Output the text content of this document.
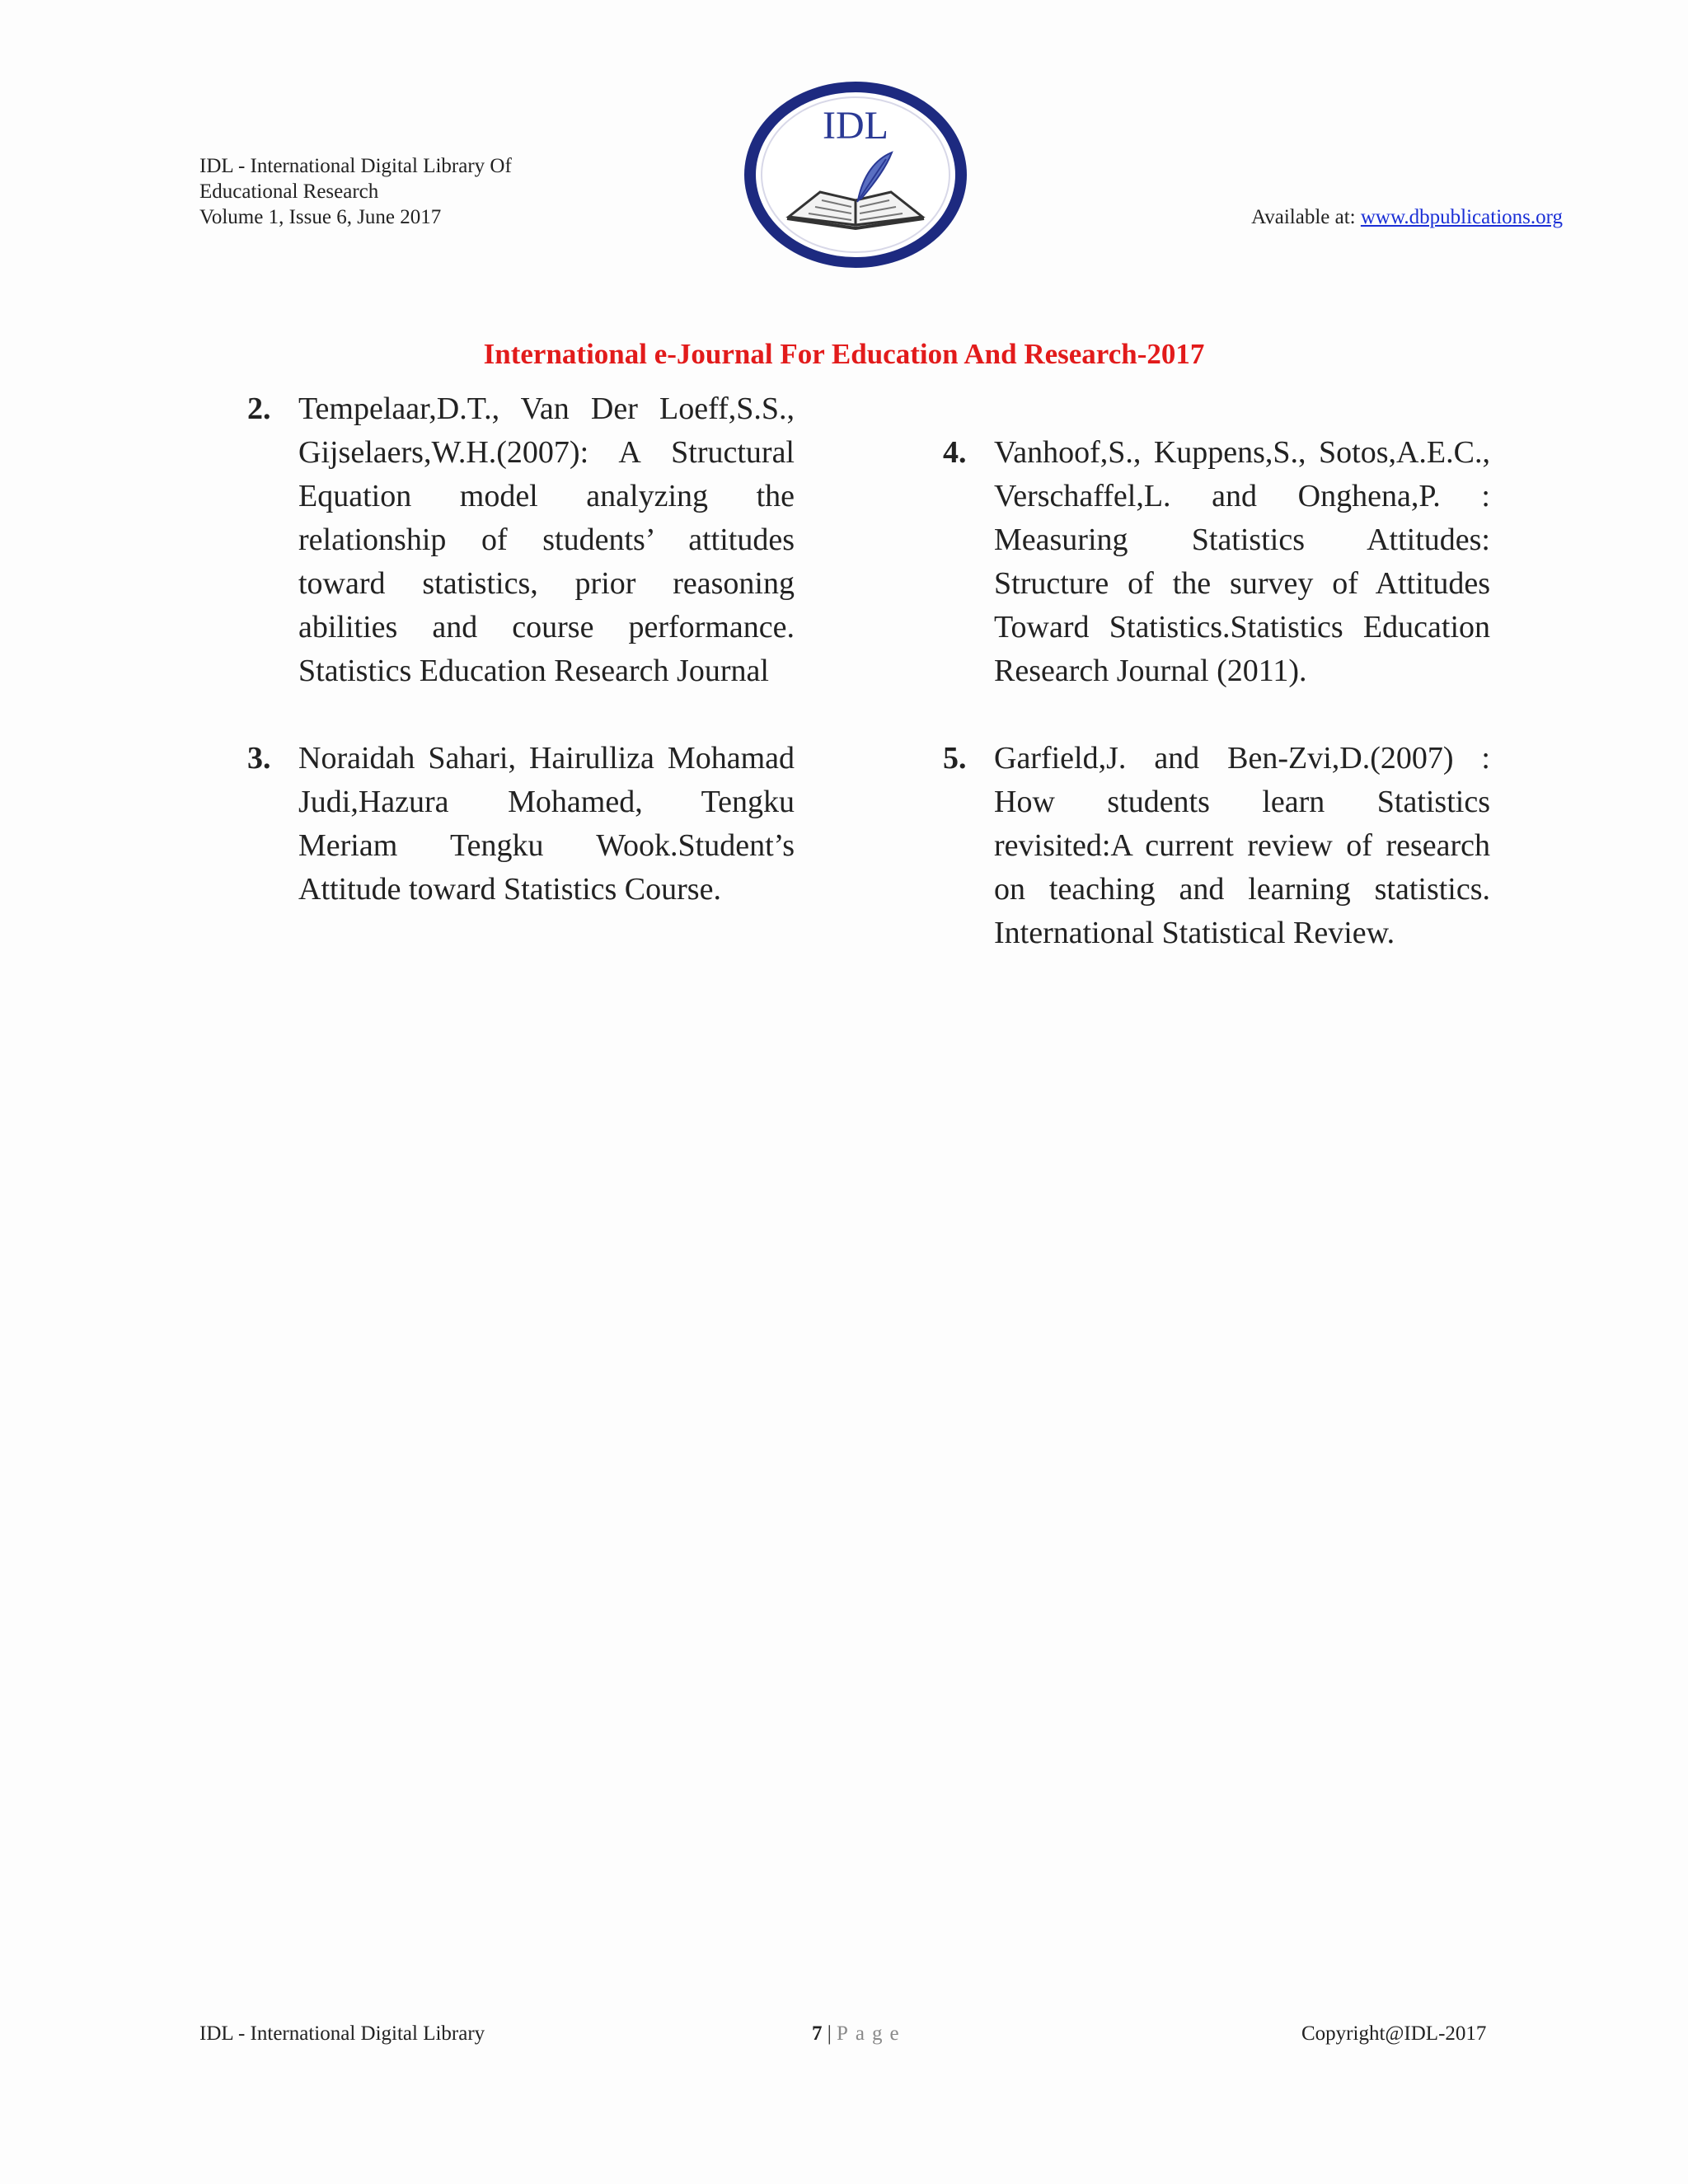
IDL - International Digital Library Of
Educational Research
Volume 1, Issue 6, June 2017
IDL
Available at: www.dbpublications.org
International e-Journal For Education And Research-2017
2. Tempelaar,D.T., Van Der Loeff,S.S., Gijselaers,W.H.(2007): A Structural Equation model analyzing the relationship of students’ attitudes toward statistics, prior reasoning abilities and course performance. Statistics Education Research Journal
3. Noraidah Sahari, Hairulliza Mohamad Judi,Hazura Mohamed, Tengku Meriam Tengku Wook.Student’s Attitude toward Statistics Course.
4. Vanhoof,S., Kuppens,S., Sotos,A.E.C., Verschaffel,L. and Onghena,P. : Measuring Statistics Attitudes: Structure of the survey of Attitudes Toward Statistics.Statistics Education Research Journal (2011).
5. Garfield,J. and Ben-Zvi,D.(2007) : How students learn Statistics revisited:A current review of research on teaching and learning statistics. International Statistical Review.
IDL - International Digital Library	7 | Page	Copyright@IDL-2017
